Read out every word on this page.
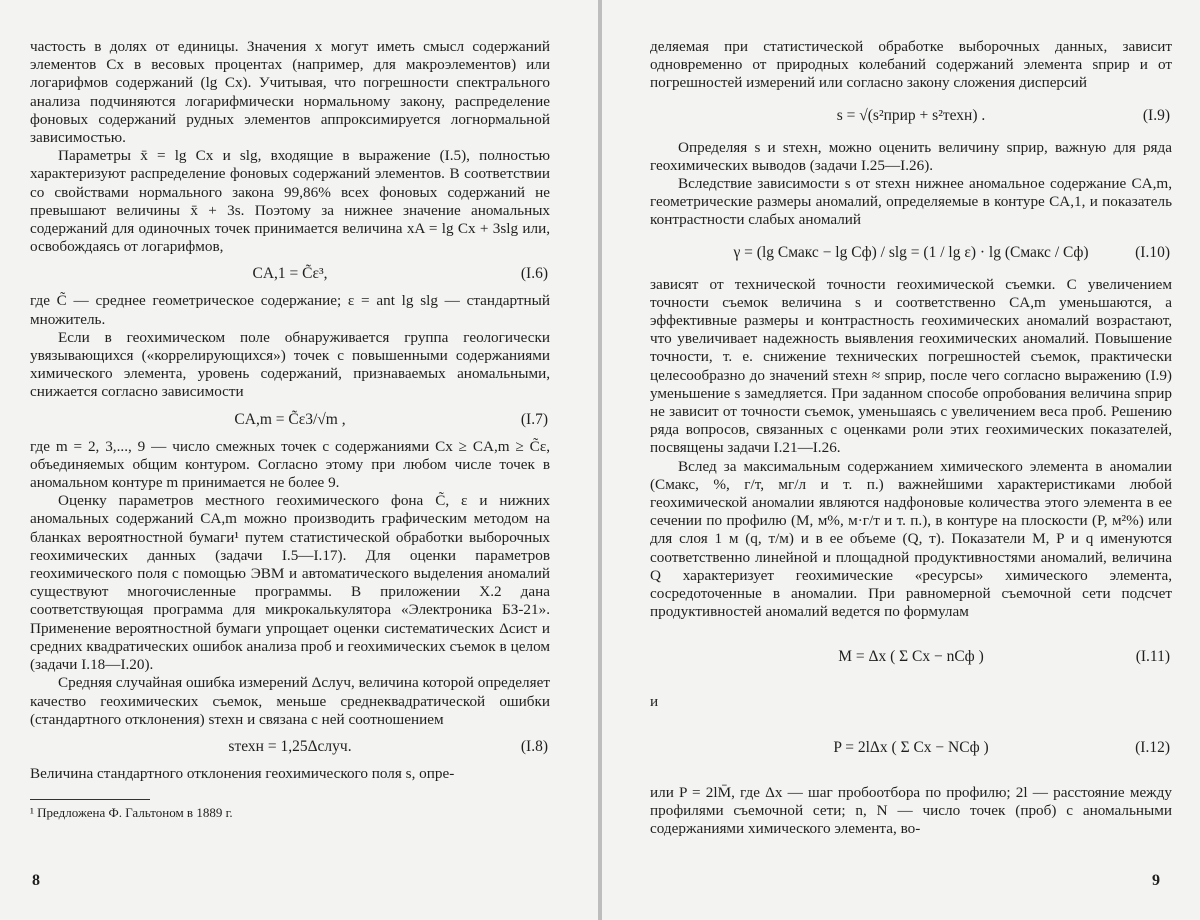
частость в долях от единицы. Значения x могут иметь смысл содержаний элементов Cx в весовых процентах (например, для макроэлементов) или логарифмов содержаний (lg Cx). Учитывая, что погрешности спектрального анализа подчиняются логарифмически нормальному закону, распределение фоновых содержаний рудных элементов аппроксимируется логнормальной зависимостью.

Параметры x̄ = lg Cx и slg, входящие в выражение (I.5), полностью характеризуют распределение фоновых содержаний элементов. В соответствии со свойствами нормального закона 99,86% всех фоновых содержаний не превышают величины x̄ + 3s. Поэтому за нижнее значение аномальных содержаний для одиночных точек принимается величина xA = lg Cx + 3slg или, освобождаясь от логарифмов,

CA,1 = C̃ε³,	(I.6)

где C̃ — среднее геометрическое содержание; ε = ant lg slg — стандартный множитель.

Если в геохимическом поле обнаруживается группа геологически увязывающихся («коррелирующихся») точек с повышенными содержаниями химического элемента, уровень содержаний, признаваемых аномальными, снижается согласно зависимости

CA,m = C̃ε3/√m ,	(I.7)

где m = 2, 3,..., 9 — число смежных точек с содержаниями Cx ≥ CA,m ≥ C̃ε, объединяемых общим контуром. Согласно этому при любом числе точек в аномальном контуре m принимается не более 9.

Оценку параметров местного геохимического фона C̃, ε и нижних аномальных содержаний CA,m можно производить графическим методом на бланках вероятностной бумаги¹ путем статистической обработки выборочных геохимических данных (задачи I.5—I.17). Для оценки параметров геохимического поля с помощью ЭВМ и автоматического выделения аномалий существуют многочисленные программы. В приложении X.2 дана соответствующая программа для микрокалькулятора «Электроника БЗ-21». Применение вероятностной бумаги упрощает оценки систематических Δсист и средних квадратических ошибок анализа проб и геохимических съемок в целом (задачи I.18—I.20).

Средняя случайная ошибка измерений Δслуч, величина которой определяет качество геохимических съемок, меньше среднеквадратической ошибки (стандартного отклонения) sтехн и связана с ней соотношением

sтехн = 1,25Δслуч.	(I.8)

Величина стандартного отклонения геохимического поля s, опре-

¹ Предложена Ф. Гальтоном в 1889 г.

8

деляемая при статистической обработке выборочных данных, зависит одновременно от природных колебаний содержаний элемента sприр и от погрешностей измерений или согласно закону сложения дисперсий

s = √(s²прир + s²техн) .	(I.9)

Определяя s и sтехн, можно оценить величину sприр, важную для ряда геохимических выводов (задачи I.25—I.26).

Вследствие зависимости s от sтехн нижнее аномальное содержание CA,m, геометрические размеры аномалий, определяемые в контуре CA,1, и показатель контрастности слабых аномалий

γ = (lg Cмакс − lg Cф) / slg = (1 / lg ε) · lg (Cмакс / Cф)	(I.10)

зависят от технической точности геохимической съемки. С увеличением точности съемок величина s и соответственно CA,m уменьшаются, а эффективные размеры и контрастность геохимических аномалий возрастают, что увеличивает надежность выявления геохимических аномалий. Повышение точности, т. е. снижение технических погрешностей съемок, практически целесообразно до значений sтехн ≈ sприр, после чего согласно выражению (I.9) уменьшение s замедляется. При заданном способе опробования величина sприр не зависит от точности съемок, уменьшаясь с увеличением веса проб. Решению ряда вопросов, связанных с оценками роли этих геохимических показателей, посвящены задачи I.21—I.26.

Вслед за максимальным содержанием химического элемента в аномалии (Cмакс, %, г/т, мг/л и т. п.) важнейшими характеристиками любой геохимической аномалии являются надфоновые количества этого элемента в ее сечении по профилю (M, м%, м·г/т и т. п.), в контуре на плоскости (P, м²%) или для слоя 1 м (q, т/м) и в ее объеме (Q, т). Показатели M, P и q именуются соответственно линейной и площадной продуктивностями аномалий, величина Q характеризует геохимические «ресурсы» химического элемента, сосредоточенные в аномалии. При равномерной съемочной сети подсчет продуктивностей аномалий ведется по формулам

M = Δx ( Σ Cx − nCф )	(I.11)

и

P = 2lΔx ( Σ Cx − NCф )	(I.12)

или P = 2lM̄, где Δx — шаг пробоотбора по профилю; 2l — расстояние между профилями съемочной сети; n, N — число точек (проб) с аномальными содержаниями химического элемента, во-

9
